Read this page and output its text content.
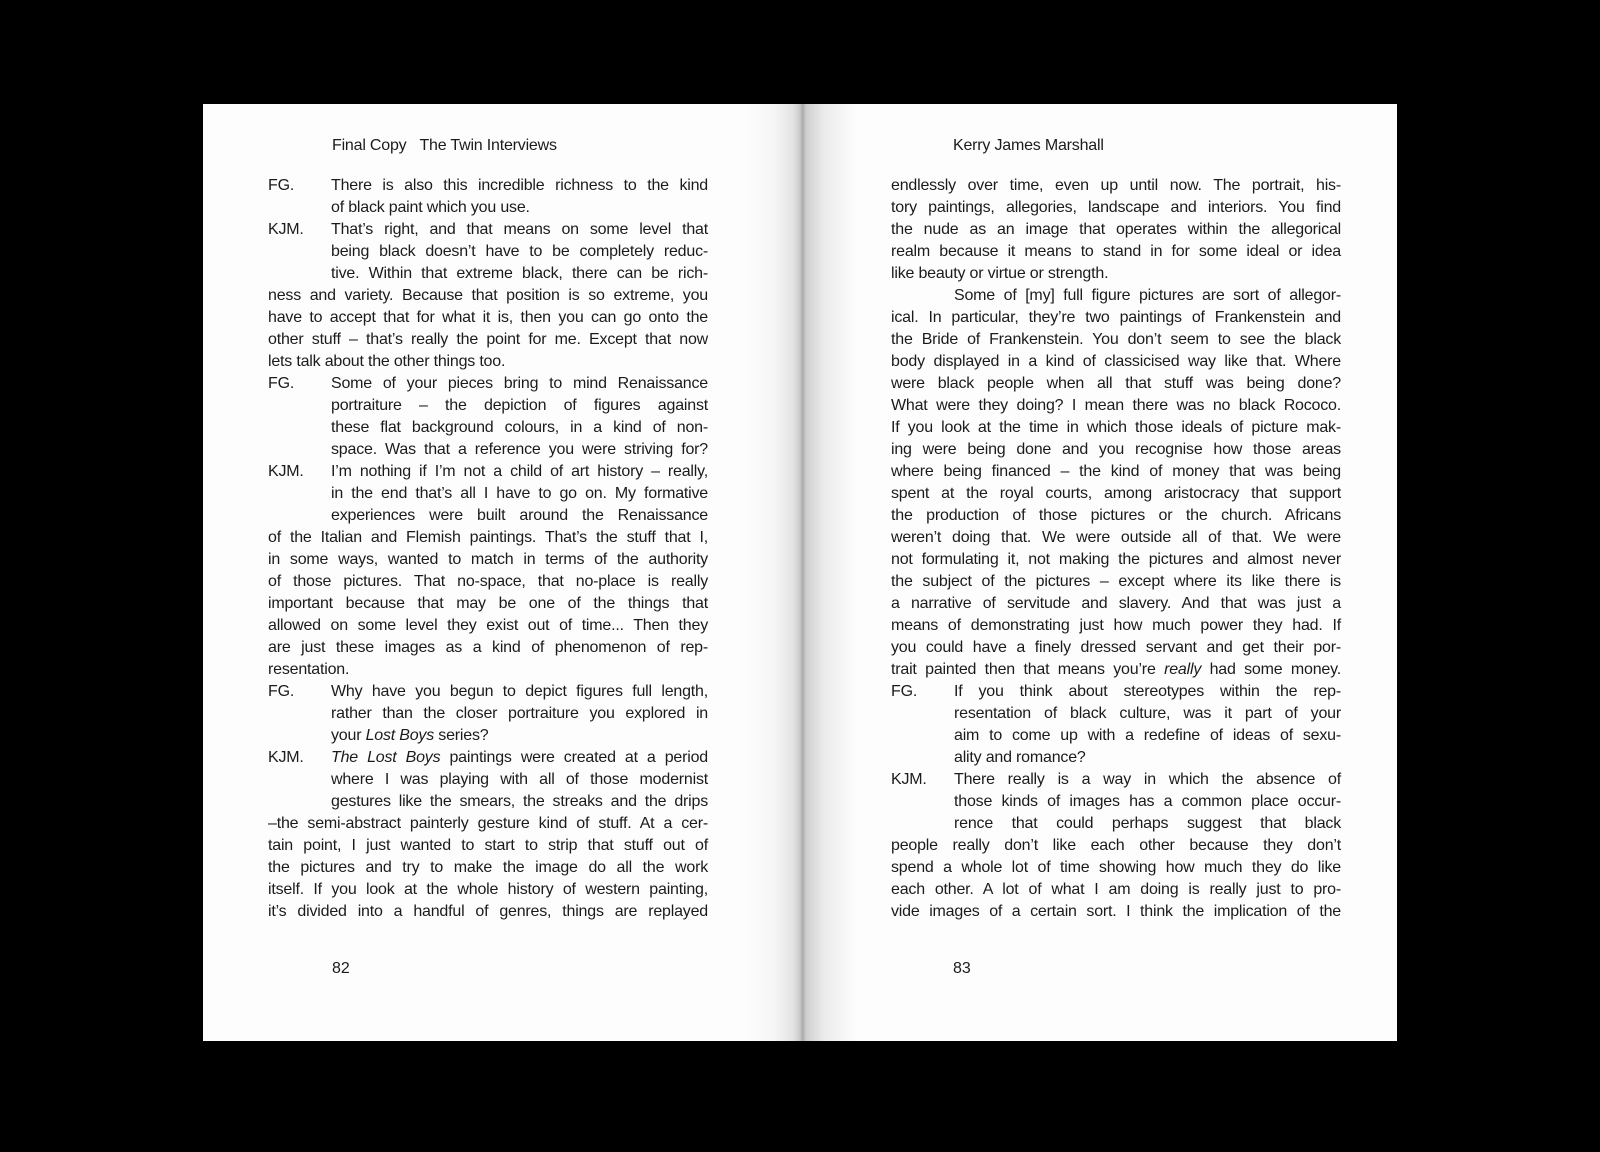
Final Copy The Twin Interviews
FG. There is also this incredible richness to the kind
of black paint which you use.
KJM. That’s right, and that means on some level that
being black doesn’t have to be completely reduc-
tive. Within that extreme black, there can be rich-
ness and variety. Because that position is so extreme, you
have to accept that for what it is, then you can go onto the
other stuff – that’s really the point for me. Except that now
lets talk about the other things too.
FG. Some of your pieces bring to mind Renaissance
portraiture – the depiction of figures against
these flat background colours, in a kind of non-
space. Was that a reference you were striving for?
KJM. I’m nothing if I’m not a child of art history – really,
in the end that’s all I have to go on. My formative
experiences were built around the Renaissance
of the Italian and Flemish paintings. That’s the stuff that I,
in some ways, wanted to match in terms of the authority
of those pictures. That no-space, that no-place is really
important because that may be one of the things that
allowed on some level they exist out of time... Then they
are just these images as a kind of phenomenon of rep-
resentation.
FG. Why have you begun to depict figures full length,
rather than the closer portraiture you explored in
your Lost Boys series?
KJM. The Lost Boys paintings were created at a period
where I was playing with all of those modernist
gestures like the smears, the streaks and the drips
–the semi-abstract painterly gesture kind of stuff. At a cer-
tain point, I just wanted to start to strip that stuff out of
the pictures and try to make the image do all the work
itself. If you look at the whole history of western painting,
it’s divided into a handful of genres, things are replayed
82
Kerry James Marshall
endlessly over time, even up until now. The portrait, his-
tory paintings, allegories, landscape and interiors. You find
the nude as an image that operates within the allegorical
realm because it means to stand in for some ideal or idea
like beauty or virtue or strength.
Some of [my] full figure pictures are sort of allegor-
ical. In particular, they’re two paintings of Frankenstein and
the Bride of Frankenstein. You don’t seem to see the black
body displayed in a kind of classicised way like that. Where
were black people when all that stuff was being done?
What were they doing? I mean there was no black Rococo.
If you look at the time in which those ideals of picture mak-
ing were being done and you recognise how those areas
where being financed – the kind of money that was being
spent at the royal courts, among aristocracy that support
the production of those pictures or the church. Africans
weren’t doing that. We were outside all of that. We were
not formulating it, not making the pictures and almost never
the subject of the pictures – except where its like there is
a narrative of servitude and slavery. And that was just a
means of demonstrating just how much power they had. If
you could have a finely dressed servant and get their por-
trait painted then that means you’re really had some money.
FG. If you think about stereotypes within the rep-
resentation of black culture, was it part of your
aim to come up with a redefine of ideas of sexu-
ality and romance?
KJM. There really is a way in which the absence of
those kinds of images has a common place occur-
rence that could perhaps suggest that black
people really don’t like each other because they don’t
spend a whole lot of time showing how much they do like
each other. A lot of what I am doing is really just to pro-
vide images of a certain sort. I think the implication of the
83
